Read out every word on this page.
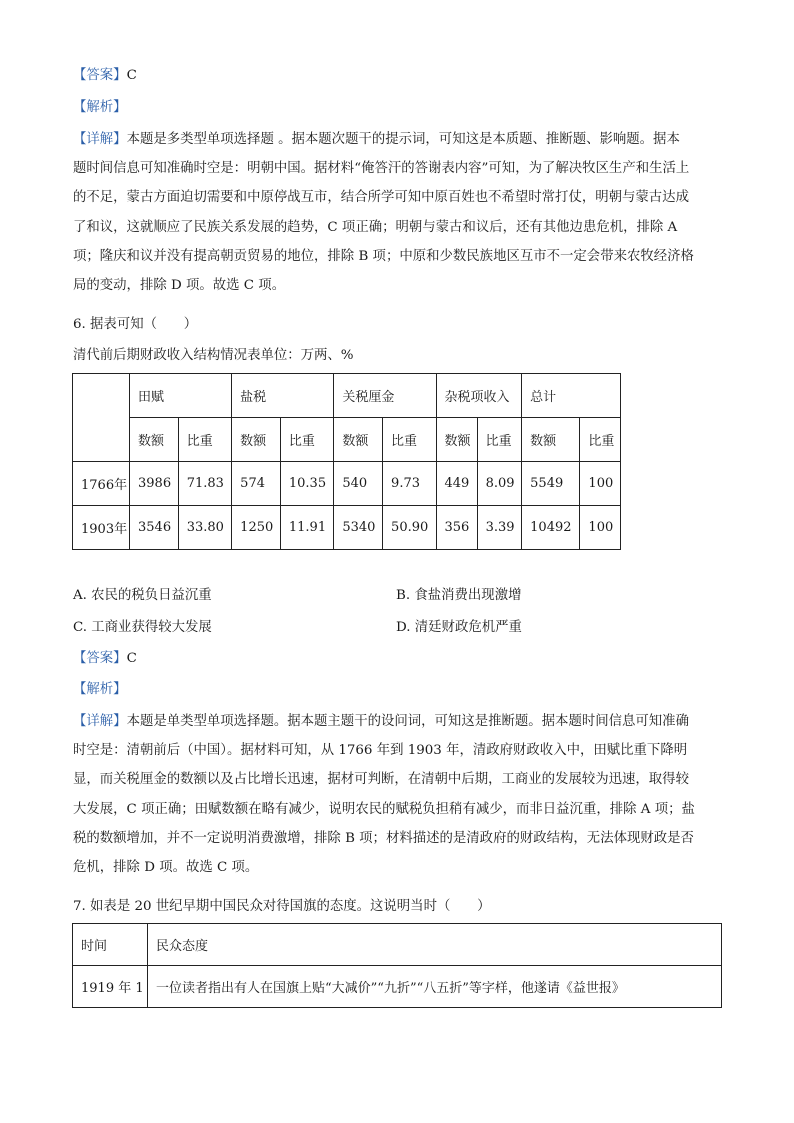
【答案】C
【解析】
【详解】本题是多类型单项选择题 。据本题次题干的提示词，可知这是本质题、推断题、影响题。据本
题时间信息可知准确时空是：明朝中国。据材料“俺答汗的答谢表内容”可知，为了解决牧区生产和生活上
的不足，蒙古方面迫切需要和中原停战互市，结合所学可知中原百姓也不希望时常打仗，明朝与蒙古达成
了和议，这就顺应了民族关系发展的趋势，C 项正确；明朝与蒙古和议后，还有其他边患危机，排除 A
项；隆庆和议并没有提高朝贡贸易的地位，排除 B 项；中原和少数民族地区互市不一定会带来农牧经济格
局的变动，排除 D 项。故选 C 项。
6. 据表可知（　　）
清代前后期财政收入结构情况表单位：万两、%
	田赋		盐税		关税厘金		杂税项收入		总计	
	数额	比重	数额	比重	数额	比重	数额	比重	数额	比重
1766年	3986	71.83	574	10.35	540	9.73	449	8.09	5549	100
1903年	3546	33.80	1250	11.91	5340	50.90	356	3.39	10492	100
A. 农民的税负日益沉重	B. 食盐消费出现激增
C. 工商业获得较大发展	D. 清廷财政危机严重
【答案】C
【解析】
【详解】本题是单类型单项选择题。据本题主题干的设问词，可知这是推断题。据本题时间信息可知准确
时空是：清朝前后（中国）。据材料可知，从 1766 年到 1903 年，清政府财政收入中，田赋比重下降明
显，而关税厘金的数额以及占比增长迅速，据材可判断，在清朝中后期，工商业的发展较为迅速，取得较
大发展，C 项正确；田赋数额在略有减少，说明农民的赋税负担稍有减少，而非日益沉重，排除 A 项；盐
税的数额增加，并不一定说明消费激增，排除 B 项；材料描述的是清政府的财政结构，无法体现财政是否
危机，排除 D 项。故选 C 项。
7. 如表是 20 世纪早期中国民众对待国旗的态度。这说明当时（　　）
时间	民众态度
1919 年 1	一位读者指出有人在国旗上贴“大减价”“九折”“八五折”等字样，他遂请《益世报》
